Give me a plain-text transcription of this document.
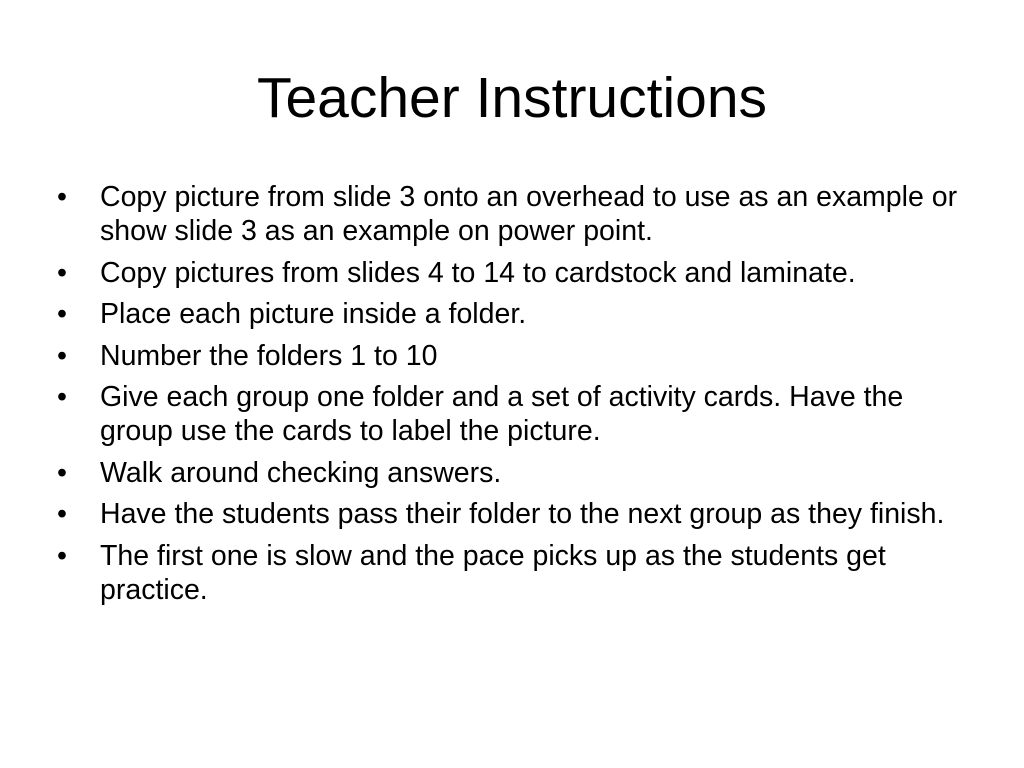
Teacher Instructions
•	Copy picture from slide 3 onto an overhead to use as an example or show slide 3 as an example on power point.
•	Copy pictures from slides 4 to 14 to cardstock and laminate.
•	Place each picture inside a folder.
•	Number the folders 1 to 10
•	Give each group one folder and a set of activity cards. Have the group use the cards to label the picture.
•	Walk around checking answers.
•	Have the students pass their folder to the next group as they finish.
•	The first one is slow and the pace picks up as the students get practice.
